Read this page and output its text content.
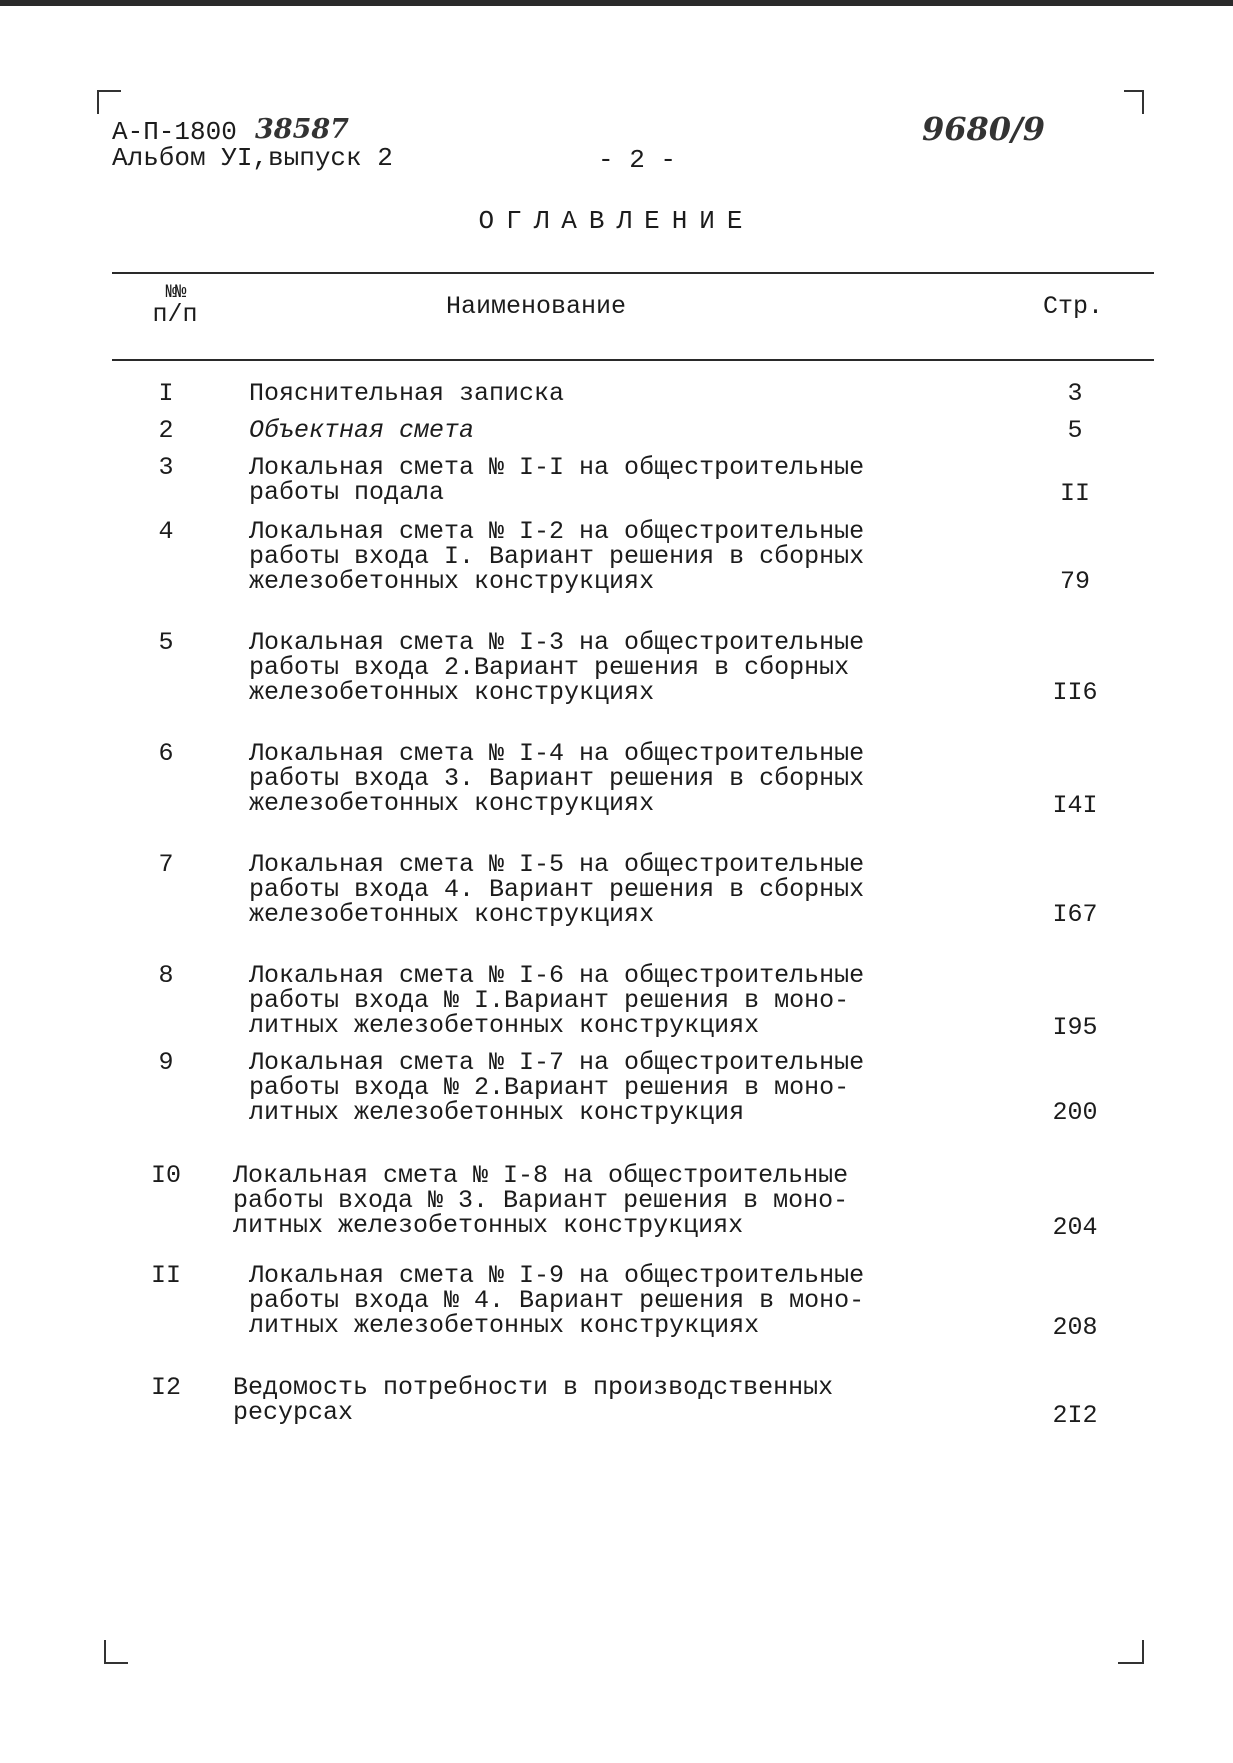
А-П-1800 38587
Альбом УI,выпуск 2	- 2 -
9680/9
ОГЛАВЛЕНИЕ
№№
п/п	Наименование	Стр.
I	Пояснительная записка	3
2	Объектная смета	5
3	Локальная смета № I-I на общестроительные
работы подала	II
4	Локальная смета № I-2 на общестроительные
работы входа I. Вариант решения в сборных
железобетонных конструкциях	79
5	Локальная смета № I-3 на общестроительные
работы входа 2.Вариант решения в сборных
железобетонных конструкциях	II6
6	Локальная смета № I-4 на общестроительные
работы входа 3. Вариант решения в сборных
железобетонных конструкциях	I4I
7	Локальная смета № I-5 на общестроительные
работы входа 4. Вариант решения в сборных
железобетонных конструкциях	I67
8	Локальная смета № I-6 на общестроительные
работы входа № I.Вариант решения в моно-
литных железобетонных конструкциях	I95
9	Локальная смета № I-7 на общестроительные
работы входа № 2.Вариант решения в моно-
литных железобетонных конструкция	200
I0 Локальная смета № I-8 на общестроительные
работы входа № 3. Вариант решения в моно-
литных железобетонных конструкциях	204
II	Локальная смета № I-9 на общестроительные
работы входа № 4. Вариант решения в моно-
литных железобетонных конструкциях	208
I2 Ведомость потребности в производственных
ресурсах	2I2
